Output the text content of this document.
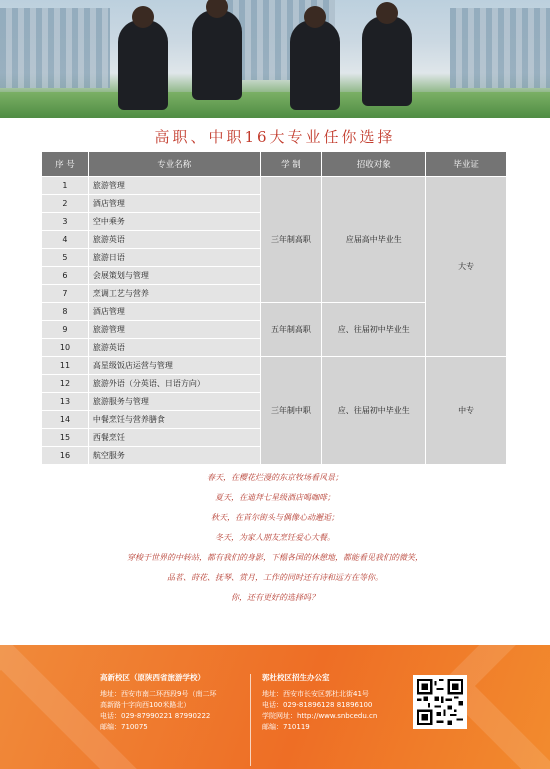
高职、中职16大专业任你选择
序 号	专业名称	学 制	招收对象	毕业证
1	旅游管理	三年制高职	应届高中毕业生	大专
2	酒店管理			
3	空中乘务			
4	旅游英语			
5	旅游日语			
6	会展策划与管理			
7	烹调工艺与营养			
8	酒店管理	五年制高职	应、往届初中毕业生	
9	旅游管理			
10	旅游英语			
11	高星级饭店运营与管理	三年制中职	应、往届初中毕业生	中专
12	旅游外语（分英语、日语方向）			
13	旅游服务与管理			
14	中餐烹饪与营养膳食			
15	西餐烹饪			
16	航空服务			

春天，在樱花烂漫的东京牧场看风景；

夏天，在迪拜七星级酒店喝咖啡；

秋天，在首尔街头与偶像心动邂逅；

冬天，为家人朋友烹饪爱心大餐。

穿梭于世界的中转站，都有我们的身影，下榻各国的休憩地，都能看见我们的微笑，

品茗、莳花、抚琴、赏月，工作的同时还有诗和远方在等你。

你，还有更好的选择吗？

高新校区（原陕西省旅游学校）
地址： 西安市南二环西段9号（南二环
高新路十字向西100米路北）
电话： 029-87990221 87990222
邮编： 710075
郭杜校区招生办公室
地址： 西安市长安区郭杜北街41号
电话： 029-81896128 81896100
学院网址： http://www.snbcedu.cn
邮编： 710119
